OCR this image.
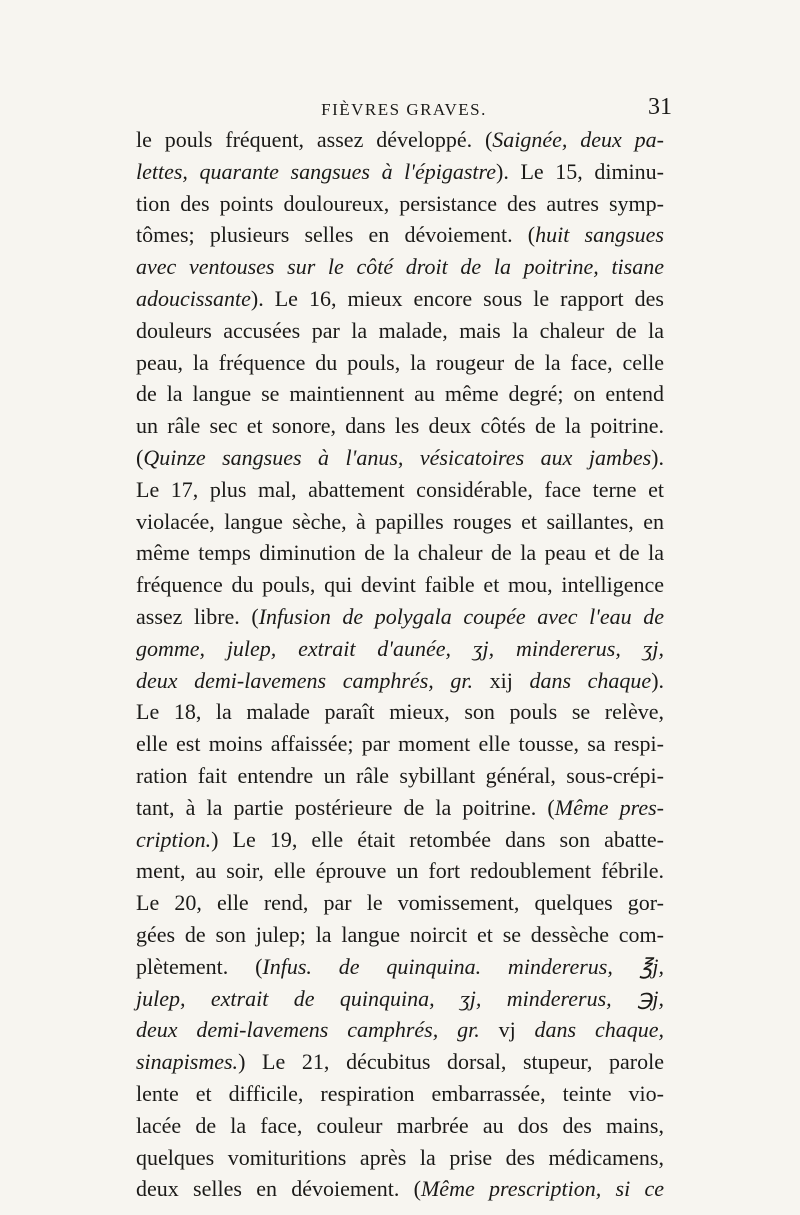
FIÈVRES GRAVES.	31
le pouls fréquent, assez développé. (Saignée, deux pa-
lettes, quarante sangsues à l'épigastre). Le 15, diminu-
tion des points douloureux, persistance des autres symp-
tômes; plusieurs selles en dévoiement. (huit sangsues
avec ventouses sur le côté droit de la poitrine, tisane
adoucissante). Le 16, mieux encore sous le rapport des
douleurs accusées par la malade, mais la chaleur de la
peau, la fréquence du pouls, la rougeur de la face, celle
de la langue se maintiennent au même degré; on entend
un râle sec et sonore, dans les deux côtés de la poitrine.
(Quinze sangsues à l'anus, vésicatoires aux jambes).
Le 17, plus mal, abattement considérable, face terne et
violacée, langue sèche, à papilles rouges et saillantes, en
même temps diminution de la chaleur de la peau et de la
fréquence du pouls, qui devint faible et mou, intelligence
assez libre. (Infusion de polygala coupée avec l'eau de
gomme, julep, extrait d'aunée, ʒj, mindererus, ʒj,
deux demi-lavemens camphrés, gr. xij dans chaque).
Le 18, la malade paraît mieux, son pouls se relève,
elle est moins affaissée; par moment elle tousse, sa respi-
ration fait entendre un râle sybillant général, sous-crépi-
tant, à la partie postérieure de la poitrine. (Même pres-
cription.) Le 19, elle était retombée dans son abatte-
ment, au soir, elle éprouve un fort redoublement fébrile.
Le 20, elle rend, par le vomissement, quelques gor-
gées de son julep; la langue noircit et se dessèche com-
plètement. (Infus. de quinquina. mindererus, ℥j,
julep, extrait de quinquina, ʒj, mindererus, ℈j,
deux demi-lavemens camphrés, gr. vj dans chaque,
sinapismes.) Le 21, décubitus dorsal, stupeur, parole
lente et difficile, respiration embarrassée, teinte vio-
lacée de la face, couleur marbrée au dos des mains,
quelques vomituritions après la prise des médicamens,
deux selles en dévoiement. (Même prescription, si ce
